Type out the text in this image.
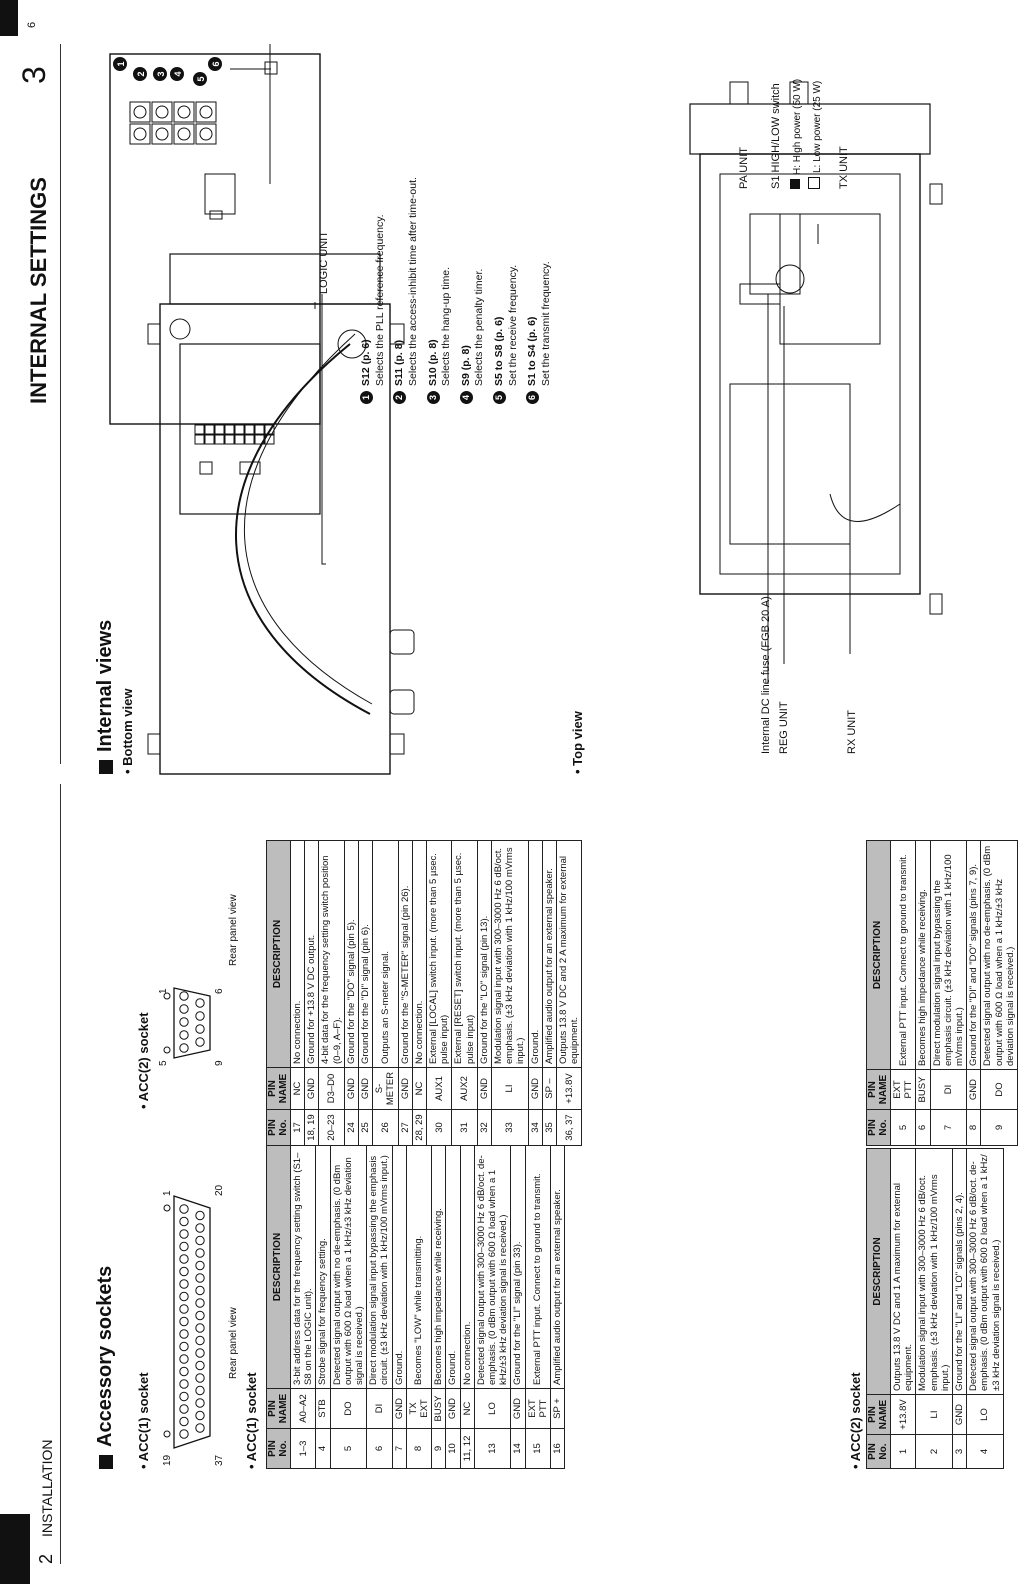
2 INSTALLATION
INTERNAL SETTINGS
3
Accessory sockets • ACC(1) socket 19	37
1	20
Rear panel view
• ACC(2) socket 5
1
9
6
Rear panel view
• ACC(1) socket PIN No.	PIN NAME	DESCRIPTION
1–3	A0–A2	3-bit address data for the frequency setting switch (S1–S8 on the LOGIC unit).
4	STB	Strobe signal for frequency setting.
5	DO	Detected signal output with no de-emphasis. (0 dBm output with 600 Ω load when a 1 kHz/±3 kHz deviation signal is received.)
6	DI	Direct modulation signal input bypassing the emphasis circuit. (±3 kHz deviation with 1 kHz/100 mVrms input.)
7	GND	Ground.
8	TX EXT	Becomes "LOW" while transmitting.
9	BUSY	Becomes high impedance while receiving.
10	GND	Ground.
11, 12	NC	No connection.
13	LO	Detected signal output with 300–3000 Hz 6 dB/oct. de-emphasis. (0 dBm output with 600 Ω load when a 1 kHz/±3 kHz deviation signal is received.)
14	GND	Ground for the "LI" signal (pin 33).
15	EXT PTT	External PTT input. Connect to ground to transmit.
16	SP +	Amplified audio output for an external speaker.
PIN No.	PIN NAME	DESCRIPTION
17	NC	No connection.
18, 19	GND	Ground for +13.8 V DC output.
20–23	D3–D0	4-bit data for the frequency setting switch position (0–9, A–F).
24	GND	Ground for the "DO" signal (pin 5).
25	GND	Ground for the "DI" signal (pin 6).
26	S-METER	Outputs an S-meter signal.
27	GND	Ground for the "S-METER" signal (pin 26).
28, 29	NC	No connection.
30	AUX1	External [LOCAL] switch input. (more than 5 µsec. pulse input)
31	AUX2	External [RESET] switch input. (more than 5 µsec. pulse input)
32	GND	Ground for the "LO" signal (pin 13).
33	LI	Modulation signal input with 300–3000 Hz 6 dB/oct. emphasis. (±3 kHz deviation with 1 kHz/100 mVrms input.)
34	GND	Ground.
35	SP –	Amplified audio output for an external speaker.
36, 37	+13.8V	Outputs 13.8 V DC and 2 A maximum for external equipment.
• ACC(2) socket PIN No.	PIN NAME	DESCRIPTION
1	+13.8V	Outputs 13.8 V DC and 1 A maximum for external equipment.
2	LI	Modulation signal input with 300–3000 Hz 6 dB/oct. emphasis. (±3 kHz deviation with 1 kHz/100 mVrms input.)
3	GND	Ground for the "LI" and "LO" signals (pins 2, 4).
4	LO	Detected signal output with 300–3000 Hz 6 dB/oct. de-emphasis. (0 dBm output with 600 Ω load when a 1 kHz/±3 kHz deviation signal is received.)
PIN No.	PIN NAME	DESCRIPTION
5	EXT PTT	External PTT input. Connect to ground to transmit.
6	BUSY	Becomes high impedance while receiving.
7	DI	Direct modulation signal input bypassing the emphasis circuit. (±3 kHz deviation with 1 kHz/100 mVrms input.)
8	GND	Ground for the "DI" and "DO" signals (pins 7, 9).
9	DO	Detected signal output with no de-emphasis. (0 dBm output with 600 Ω load when a 1 kHz/±3 kHz deviation signal is received.)
Internal views • Bottom view
LOGIC UNIT
1
2 3 4
5
6
1S12 (p. 6) Selects the PLL reference frequency.
2S11 (p. 8) Selects the access-inhibit time after time-out.
3S10 (p. 8) Selects the hang-up time.
4S9 (p. 8) Selects the penalty timer.
5S5 to S8 (p. 6) Set the receive frequency.
6S1 to S4 (p. 6) Set the transmit frequency.
• Top view	Internal DC line fuse (FGB 20 A) REG UNIT	RX UNIT
PA UNIT S1 HIGH/LOW switch H: High power (50 W) L: Low power (25 W) TX UNIT
6
